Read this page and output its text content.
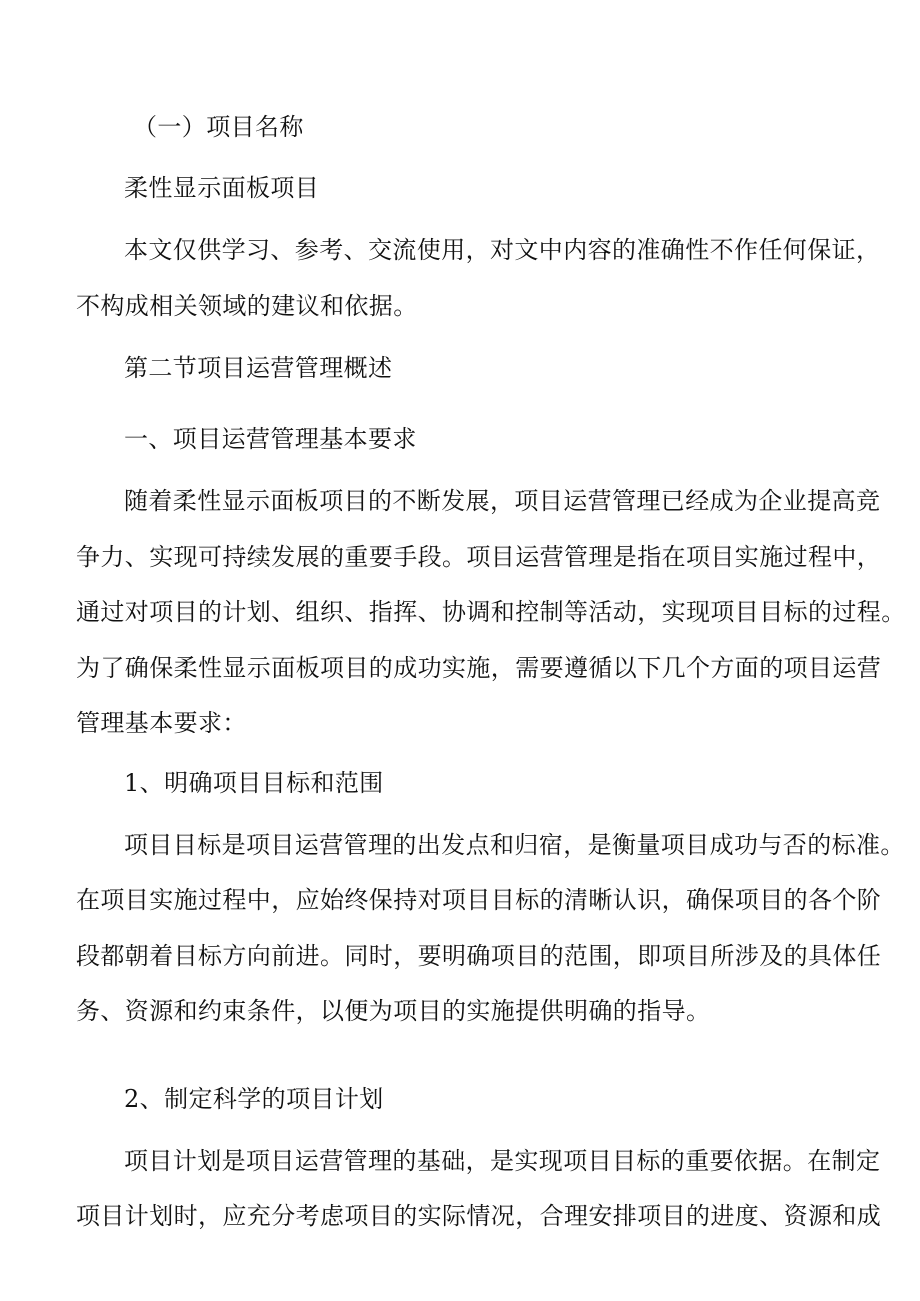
（一）项目名称

柔性显示面板项目

本文仅供学习、参考、交流使用，对文中内容的准确性不作任何保证，

不构成相关领域的建议和依据。

第二节项目运营管理概述

一、项目运营管理基本要求

随着柔性显示面板项目的不断发展，项目运营管理已经成为企业提高竞

争力、实现可持续发展的重要手段。项目运营管理是指在项目实施过程中，

通过对项目的计划、组织、指挥、协调和控制等活动，实现项目目标的过程。

为了确保柔性显示面板项目的成功实施，需要遵循以下几个方面的项目运营

管理基本要求：

1、明确项目目标和范围

项目目标是项目运营管理的出发点和归宿，是衡量项目成功与否的标准。

在项目实施过程中，应始终保持对项目目标的清晰认识，确保项目的各个阶

段都朝着目标方向前进。同时，要明确项目的范围，即项目所涉及的具体任

务、资源和约束条件，以便为项目的实施提供明确的指导。

2、制定科学的项目计划

项目计划是项目运营管理的基础，是实现项目目标的重要依据。在制定

项目计划时，应充分考虑项目的实际情况，合理安排项目的进度、资源和成
